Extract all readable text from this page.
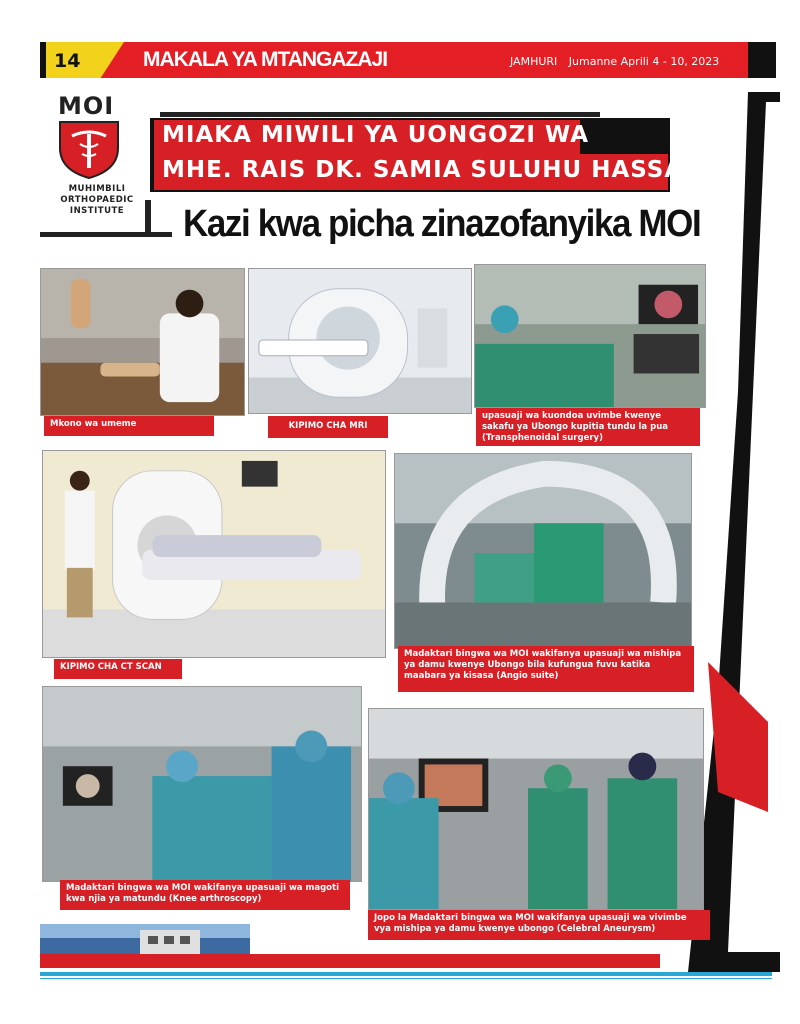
14	MAKALA YA MTANGAZAJI	JAMHURI Jumanne Aprili 4 - 10, 2023
MOI
MUHIMBILI
ORTHOPAEDIC
INSTITUTE
MIAKA MIWILI YA UONGOZI WA
MHE. RAIS DK. SAMIA SULUHU HASSAN
Kazi kwa picha zinazofanyika MOI
Mkono wa umeme	KIPIMO CHA MRI
upasuaji wa kuondoa uvimbe kwenye sakafu ya Ubongo kupitia tundu la pua (Transphenoidal surgery)
KIPIMO CHA CT SCAN
Madaktari bingwa wa MOI wakifanya upasuaji wa mishipa ya damu kwenye Ubongo bila kufungua fuvu katika maabara ya kisasa (Angio suite)
Madaktari bingwa wa MOI wakifanya upasuaji wa magoti kwa njia ya matundu (Knee arthroscopy)
Jopo la Madaktari bingwa wa MOI wakifanya upasuaji wa vivimbe vya mishipa ya damu kwenye ubongo (Celebral Aneurysm)
